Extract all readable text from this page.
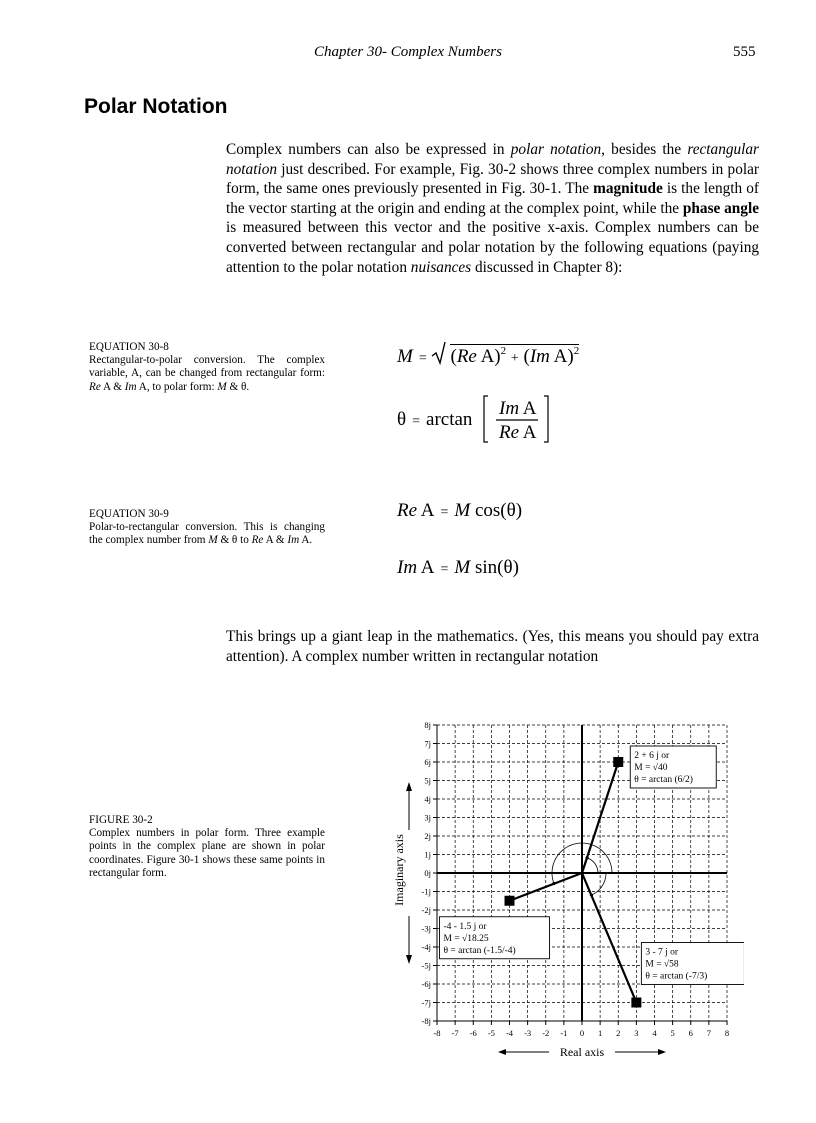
Chapter 30- Complex Numbers	555
Polar Notation

Complex numbers can also be expressed in polar notation, besides the rectangular notation just described. For example, Fig. 30-2 shows three complex numbers in polar form, the same ones previously presented in Fig. 30-1. The magnitude is the length of the vector starting at the origin and ending at the complex point, while the phase angle is measured between this vector and the positive x-axis. Complex numbers can be converted between rectangular and polar notation by the following equations (paying attention to the polar notation nuisances discussed in Chapter 8):

EQUATION 30-8
Rectangular-to-polar conversion. The complex variable, A, can be changed from rectangular form: Re A & Im A, to polar form: M & θ.
M = (Re A)$^2$ + (Im A)$^2$
θ = arctan
Im A
Re A
EQUATION 30-9
Polar-to-rectangular conversion. This is changing the complex number from M & θ to Re A & Im A.
Re A = M cos(θ)
Im A = M sin(θ)

This brings up a giant leap in the mathematics. (Yes, this means you should pay extra attention). A complex number written in rectangular notation

FIGURE 30-2
Complex numbers in polar form. Three example points in the complex plane are shown in polar coordinates. Figure 30-1 shows these same points in rectangular form.
-8 -7 -6 -5 -4 -3 -2 -1 0 1 2 3 4 5 6 7 8
8j
7j
6j
5j
4j
3j
2j
1j
0j
-1j
-2j
-3j
-4j
-5j
-6j
-7j
-8j
Real axis
Imaginary axis
2 + 6 j or
M = √40
θ = arctan (6/2)
-4 - 1.5 j or
M = √18.25
θ = arctan (-1.5/-4)	3 - 7 j or
M = √58
θ = arctan (-7/3)
